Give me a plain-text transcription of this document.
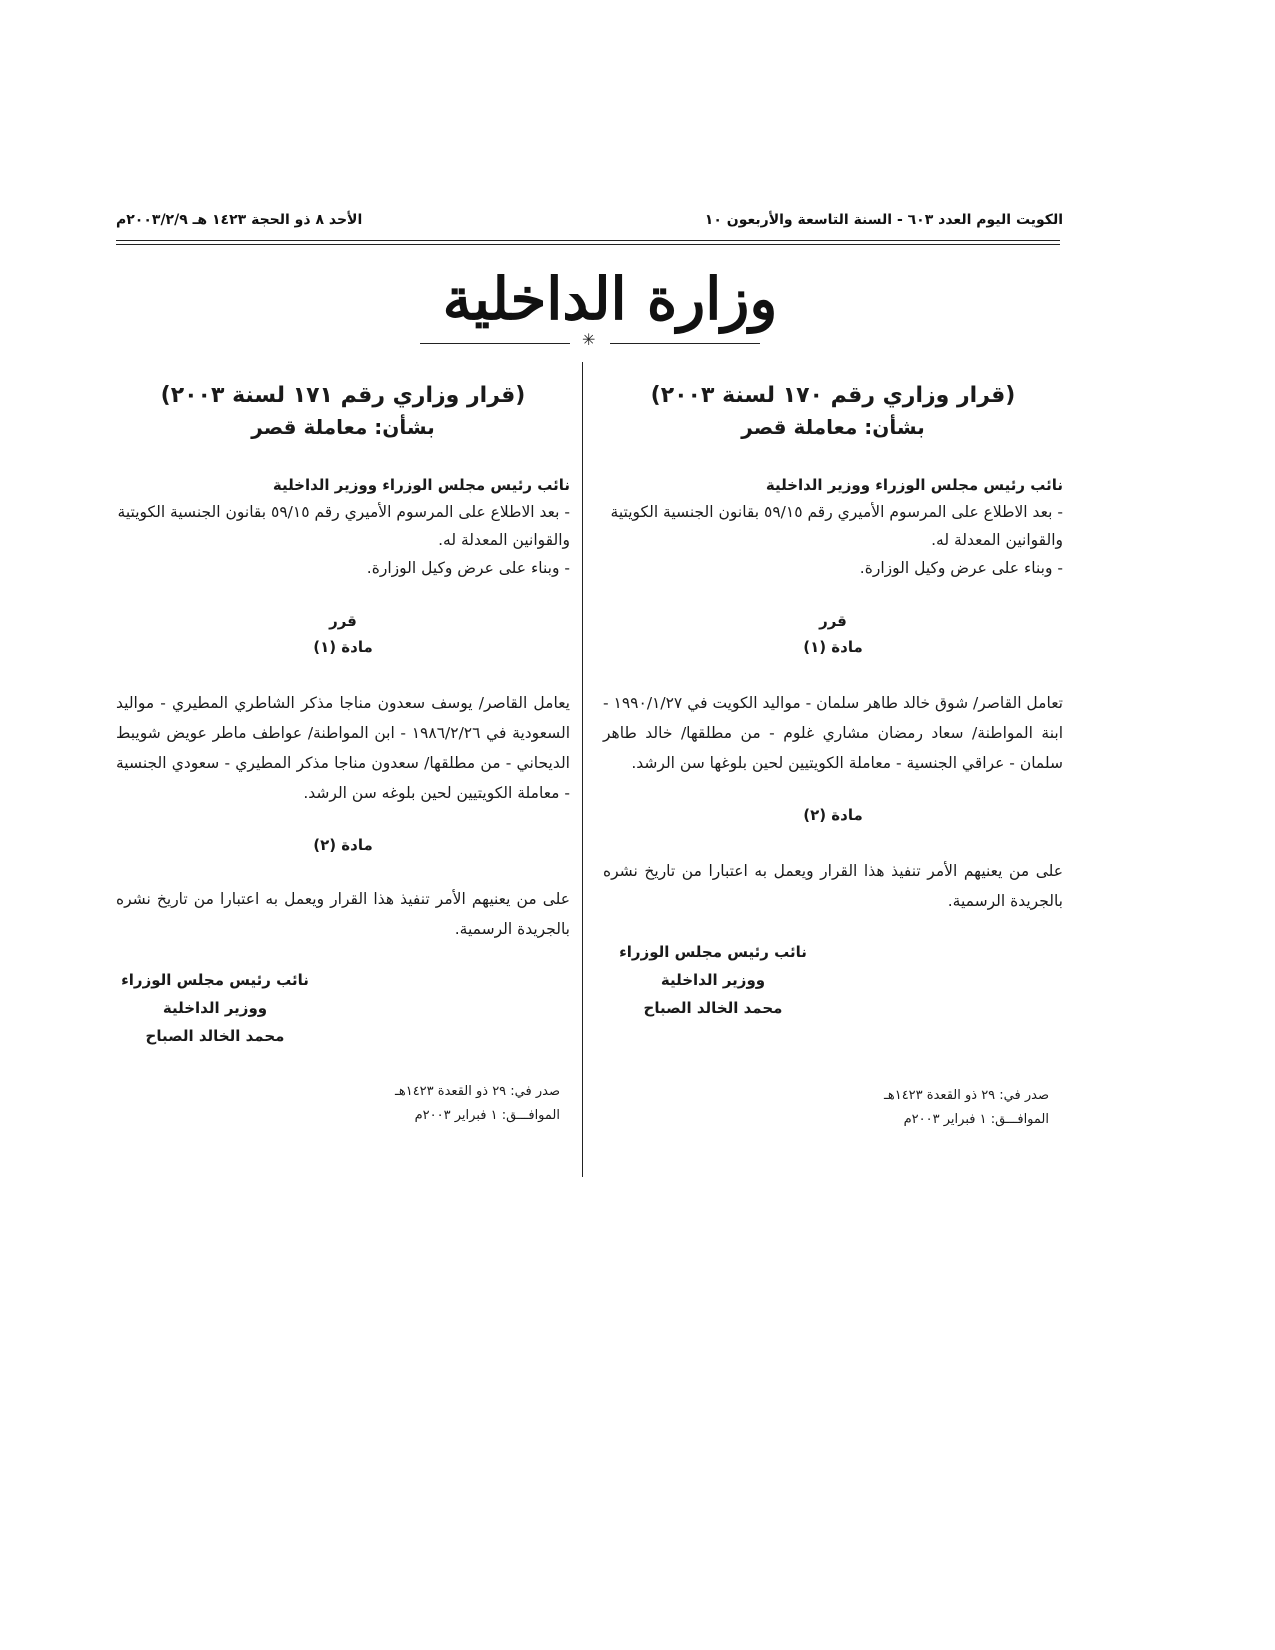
الكويت اليوم العدد ٦٠٣ - السنة التاسعة والأربعون ١٠
الأحد ٨ ذو الحجة ١٤٢٣ هـ ٢٠٠٣/٢/٩م
وزارة الداخلية
✳

(قرار وزاري رقم ١٧٠ لسنة ٢٠٠٣)

بشأن: معاملة قصر

نائب رئيس مجلس الوزراء ووزير الداخلية

- بعد الاطلاع على المرسوم الأميري رقم ٥٩/١٥ بقانون الجنسية الكويتية والقوانين المعدلة له.

- وبناء على عرض وكيل الوزارة.

قرر

مادة (١)

تعامل القاصر/ شوق خالد طاهر سلمان - مواليد الكويت في ١٩٩٠/١/٢٧ - ابنة المواطنة/ سعاد رمضان مشاري غلوم - من مطلقها/ خالد طاهر سلمان - عراقي الجنسية - معاملة الكويتيين لحين بلوغها سن الرشد.

مادة (٢)

على من يعنيهم الأمر تنفيذ هذا القرار ويعمل به اعتبارا من تاريخ نشره بالجريدة الرسمية.

نائب رئيس مجلس الوزراء

ووزير الداخلية

محمد الخالد الصباح

صدر في: ٢٩ ذو القعدة ١٤٢٣هـ

الموافـــق: ١ فبراير ٢٠٠٣م

(قرار وزاري رقم ١٧١ لسنة ٢٠٠٣)

بشأن: معاملة قصر

نائب رئيس مجلس الوزراء ووزير الداخلية

- بعد الاطلاع على المرسوم الأميري رقم ٥٩/١٥ بقانون الجنسية الكويتية والقوانين المعدلة له.

- وبناء على عرض وكيل الوزارة.

قرر

مادة (١)

يعامل القاصر/ يوسف سعدون مناجا مذكر الشاطري المطيري - مواليد السعودية في ١٩٨٦/٢/٢٦ - ابن المواطنة/ عواطف ماطر عويض شويبط الديحاني - من مطلقها/ سعدون مناجا مذكر المطيري - سعودي الجنسية - معاملة الكويتيين لحين بلوغه سن الرشد.

مادة (٢)

على من يعنيهم الأمر تنفيذ هذا القرار ويعمل به اعتبارا من تاريخ نشره بالجريدة الرسمية.

نائب رئيس مجلس الوزراء

ووزير الداخلية

محمد الخالد الصباح

صدر في: ٢٩ ذو القعدة ١٤٢٣هـ

الموافـــق: ١ فبراير ٢٠٠٣م
